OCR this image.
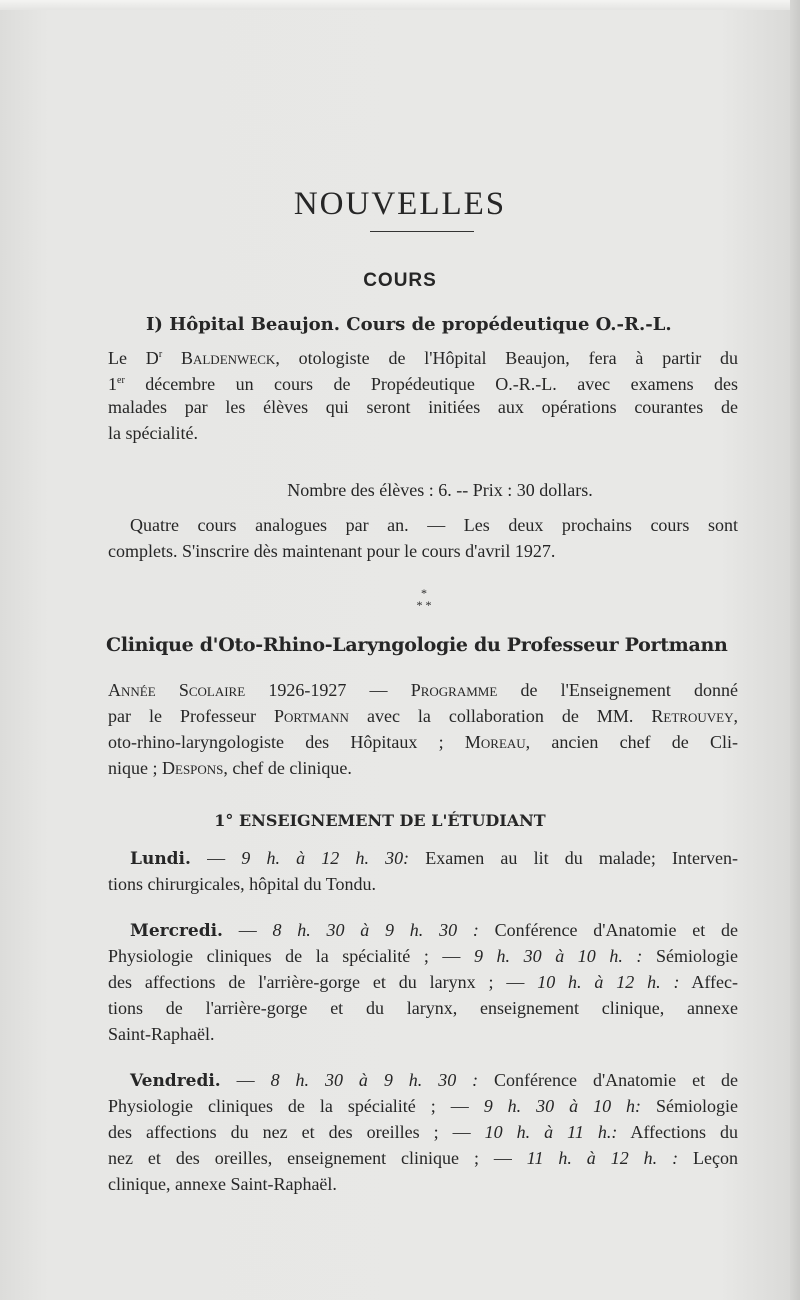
NOUVELLES
COURS
I) Hôpital Beaujon. Cours de propédeutique O.-R.-L.
Le $D^r$ Baldenweck, otologiste de l'Hôpital Beaujon, fera à partir du
1er décembre un cours de Propédeutique O.-R.-L. avec examens des
malades par les élèves qui seront initiées aux opérations courantes de
la spécialité.
Nombre des élèves : 6. -- Prix : 30 dollars.
Quatre cours analogues par an. — Les deux prochains cours sont
complets. S'inscrire dès maintenant pour le cours d'avril 1927.
*
* *
Clinique d'Oto-Rhino-Laryngologie du Professeur Portmann
Année Scolaire 1926-1927 — Programme de l'Enseignement donné
par le Professeur Portmann avec la collaboration de MM. Retrouvey,
oto-rhino-laryngologiste des Hôpitaux ; Moreau, ancien chef de Cli-
nique ; Despons, chef de clinique.
1° ENSEIGNEMENT DE L'ÉTUDIANT
Lundi. — 9 h. à 12 h. 30: Examen au lit du malade; Interven-
tions chirurgicales, hôpital du Tondu.
Mercredi. — 8 h. 30 à 9 h. 30 : Conférence d'Anatomie et de
Physiologie cliniques de la spécialité ; — 9 h. 30 à 10 h. : Sémiologie
des affections de l'arrière-gorge et du larynx ; — 10 h. à 12 h. : Affec-
tions de l'arrière-gorge et du larynx, enseignement clinique, annexe
Saint-Raphaël.
Vendredi. — 8 h. 30 à 9 h. 30 : Conférence d'Anatomie et de
Physiologie cliniques de la spécialité ; — 9 h. 30 à 10 h: Sémiologie
des affections du nez et des oreilles ; — 10 h. à 11 h.: Affections du
nez et des oreilles, enseignement clinique ; — 11 h. à 12 h. : Leçon
clinique, annexe Saint-Raphaël.
